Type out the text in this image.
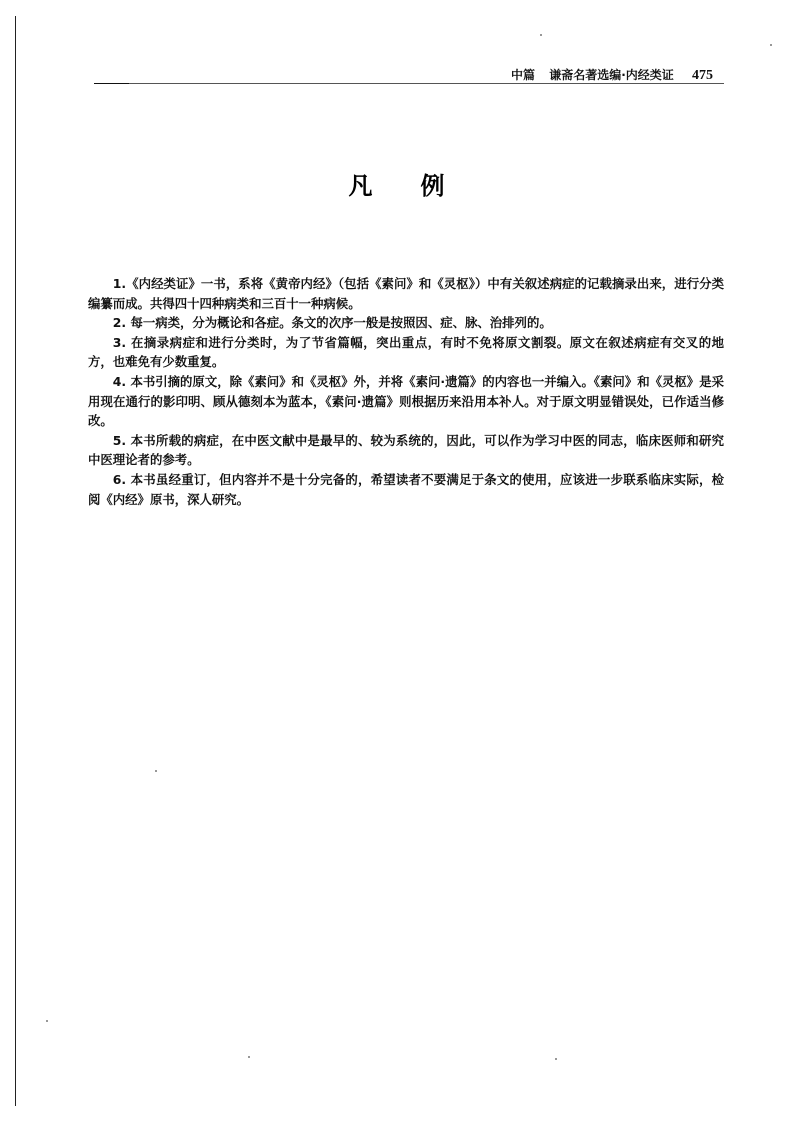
中篇 谦斋名著选编·内经类证 475
凡 例

1.《内经类证》一书，系将《黄帝内经》（包括《素问》和《灵枢》）中有关叙述病症的记载摘录出来，进行分类编纂而成。共得四十四种病类和三百十一种病候。

2. 每一病类，分为概论和各症。条文的次序一般是按照因、症、脉、治排列的。

3. 在摘录病症和进行分类时，为了节省篇幅，突出重点，有时不免将原文割裂。原文在叙述病症有交叉的地方，也难免有少数重复。

4. 本书引摘的原文，除《素问》和《灵枢》外，并将《素问·遗篇》的内容也一并编入。《素问》和《灵枢》是采用现在通行的影印明、顾从德刻本为蓝本，《素问·遗篇》则根据历来沿用本补人。对于原文明显错误处，已作适当修改。

5. 本书所载的病症，在中医文献中是最早的、较为系统的，因此，可以作为学习中医的同志，临床医师和研究中医理论者的参考。

6. 本书虽经重订，但内容并不是十分完备的，希望读者不要满足于条文的使用，应该进一步联系临床实际，检阅《内经》原书，深人研究。
